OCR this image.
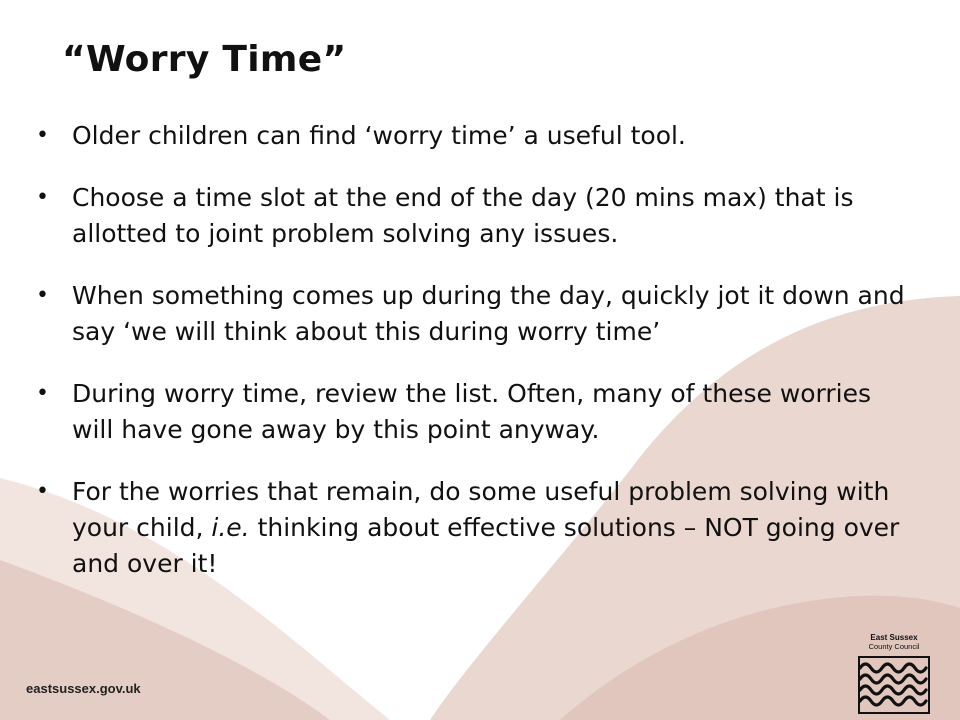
“Worry Time”
• Older children can find ‘worry time’ a useful tool.
• Choose a time slot at the end of the day (20 mins max) that is allotted to joint problem solving any issues.
• When something comes up during the day, quickly jot it down and say ‘we will think about this during worry time’
• During worry time, review the list. Often, many of these worries will have gone away by this point anyway.
• For the worries that remain, do some useful problem solving with your child, i.e. thinking about effective solutions – NOT going over and over it!
eastsussex.gov.uk
East Sussex
County Council
